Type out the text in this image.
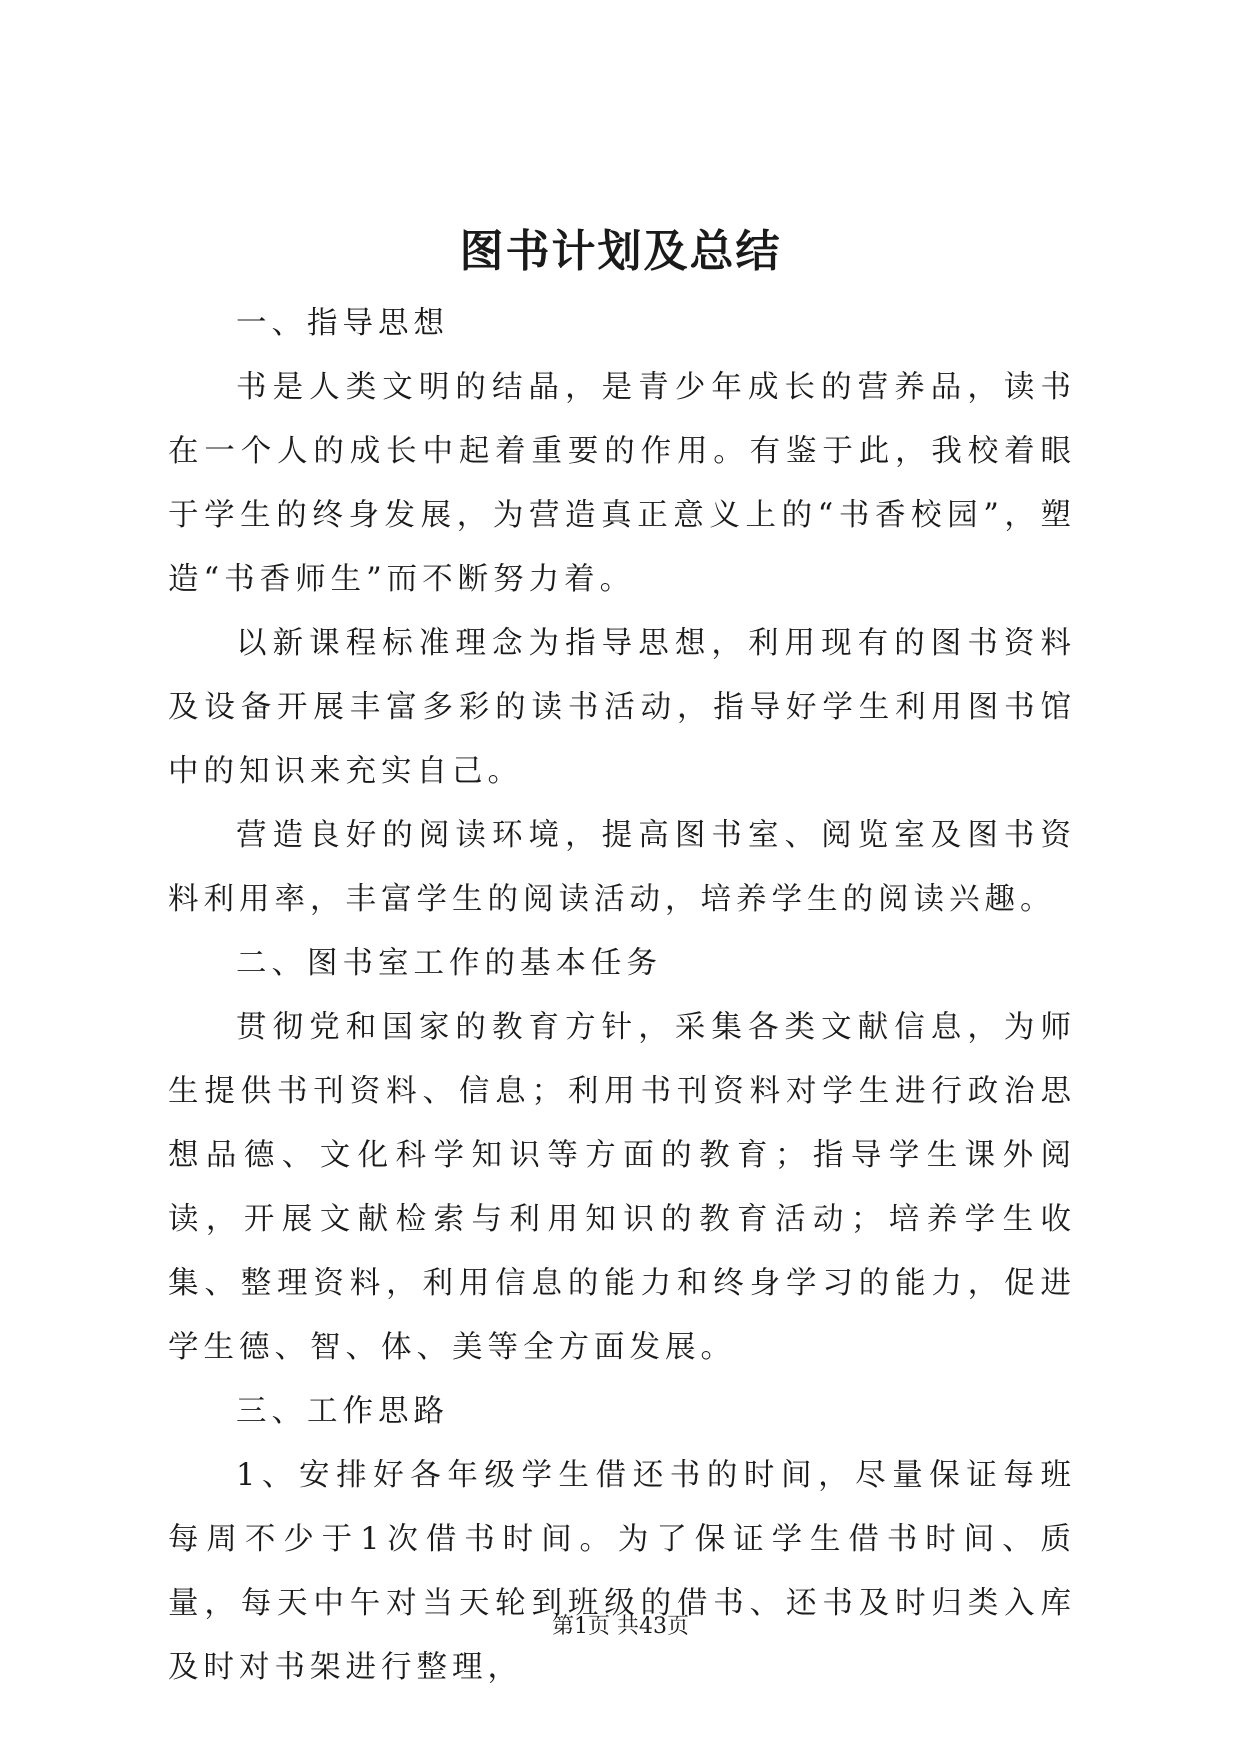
图书计划及总结

一、指导思想

书是人类文明的结晶，是青少年成长的营养品，读书在一个人的成长中起着重要的作用。有鉴于此，我校着眼于学生的终身发展，为营造真正意义上的“书香校园”，塑造“书香师生”而不断努力着。

以新课程标准理念为指导思想，利用现有的图书资料及设备开展丰富多彩的读书活动，指导好学生利用图书馆中的知识来充实自己。

营造良好的阅读环境，提高图书室、阅览室及图书资料利用率，丰富学生的阅读活动，培养学生的阅读兴趣。

二、图书室工作的基本任务

贯彻党和国家的教育方针，采集各类文献信息，为师生提供书刊资料、信息；利用书刊资料对学生进行政治思想品德、文化科学知识等方面的教育；指导学生课外阅读，开展文献检索与利用知识的教育活动；培养学生收集、整理资料，利用信息的能力和终身学习的能力，促进学生德、智、体、美等全方面发展。

三、工作思路

1、安排好各年级学生借还书的时间，尽量保证每班每周不少于1次借书时间。为了保证学生借书时间、质量，每天中午对当天轮到班级的借书、还书及时归类入库及时对书架进行整理，

第1页 共43页
